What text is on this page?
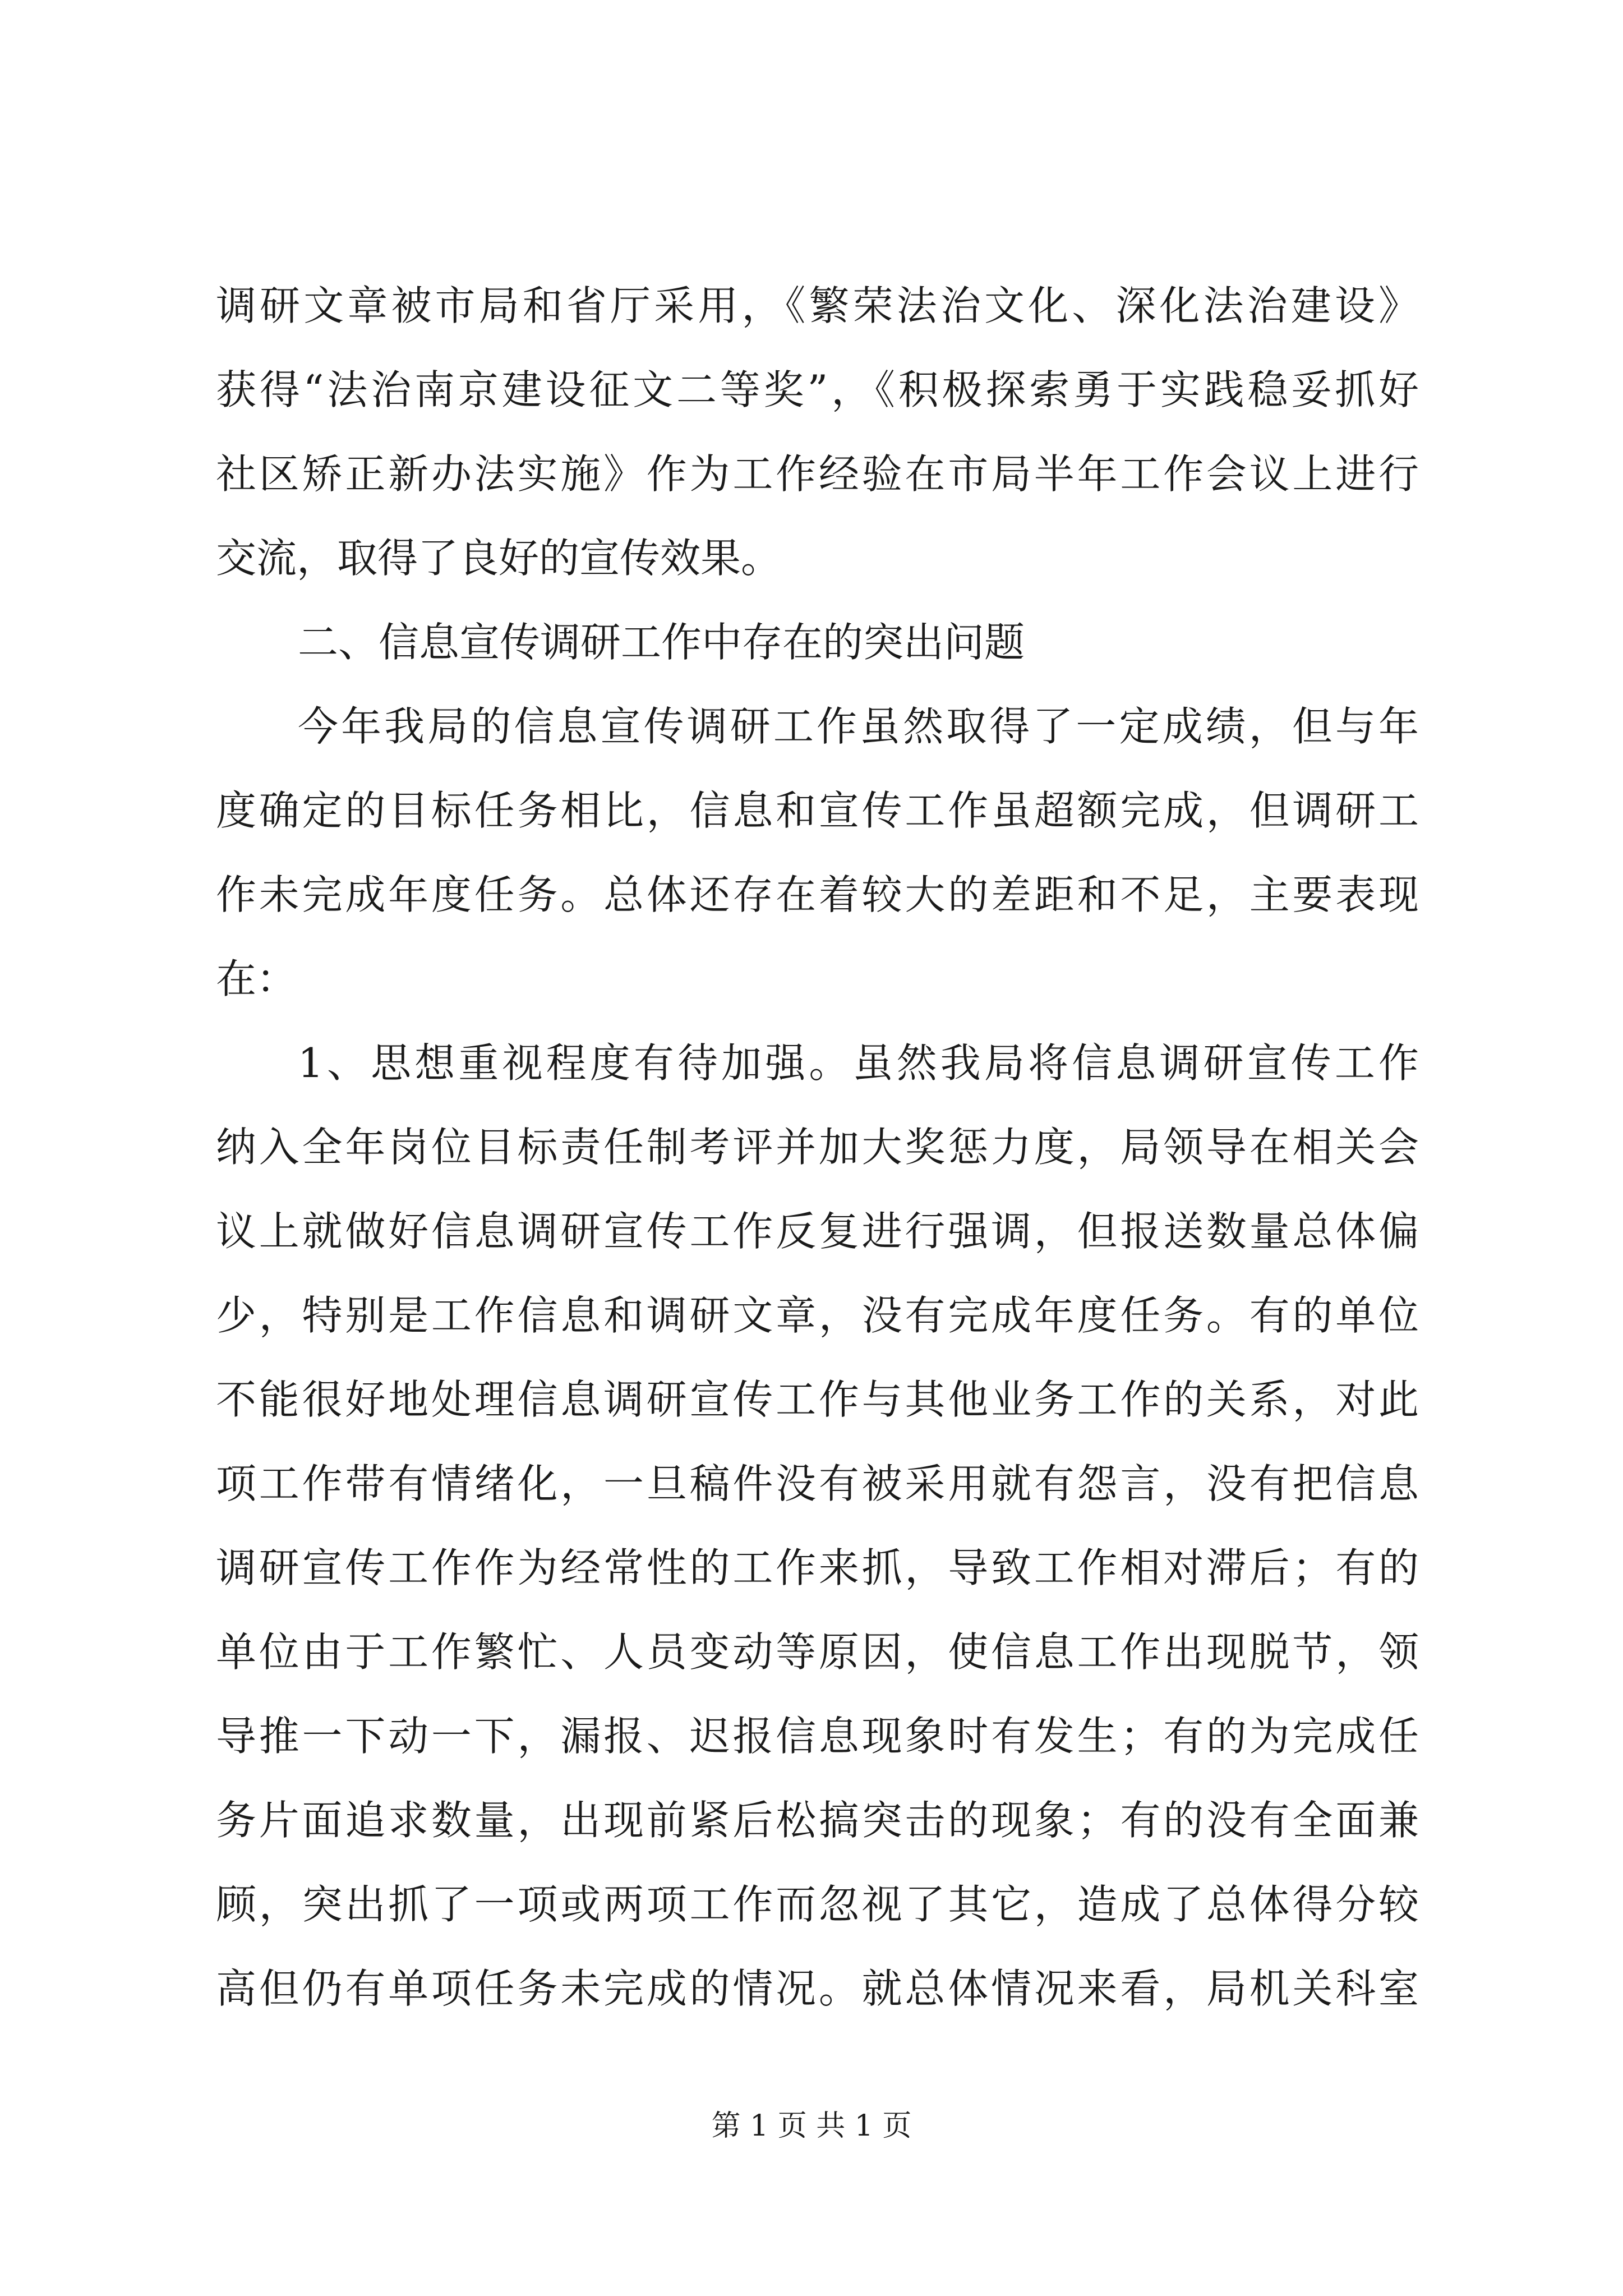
调研文章被市局和省厅采用，《繁荣法治文化、深化法治建设》
获得“法治南京建设征文二等奖”，《积极探索勇于实践稳妥抓好
社区矫正新办法实施》作为工作经验在市局半年工作会议上进行
交流，取得了良好的宣传效果。
二、信息宣传调研工作中存在的突出问题
今年我局的信息宣传调研工作虽然取得了一定成绩，但与年
度确定的目标任务相比，信息和宣传工作虽超额完成，但调研工
作未完成年度任务。总体还存在着较大的差距和不足，主要表现
在：
1、思想重视程度有待加强。虽然我局将信息调研宣传工作
纳入全年岗位目标责任制考评并加大奖惩力度，局领导在相关会
议上就做好信息调研宣传工作反复进行强调，但报送数量总体偏
少，特别是工作信息和调研文章，没有完成年度任务。有的单位
不能很好地处理信息调研宣传工作与其他业务工作的关系，对此
项工作带有情绪化，一旦稿件没有被采用就有怨言，没有把信息
调研宣传工作作为经常性的工作来抓，导致工作相对滞后；有的
单位由于工作繁忙、人员变动等原因，使信息工作出现脱节，领
导推一下动一下，漏报、迟报信息现象时有发生；有的为完成任
务片面追求数量，出现前紧后松搞突击的现象；有的没有全面兼
顾，突出抓了一项或两项工作而忽视了其它，造成了总体得分较
高但仍有单项任务未完成的情况。就总体情况来看，局机关科室
第 1 页 共 1 页
